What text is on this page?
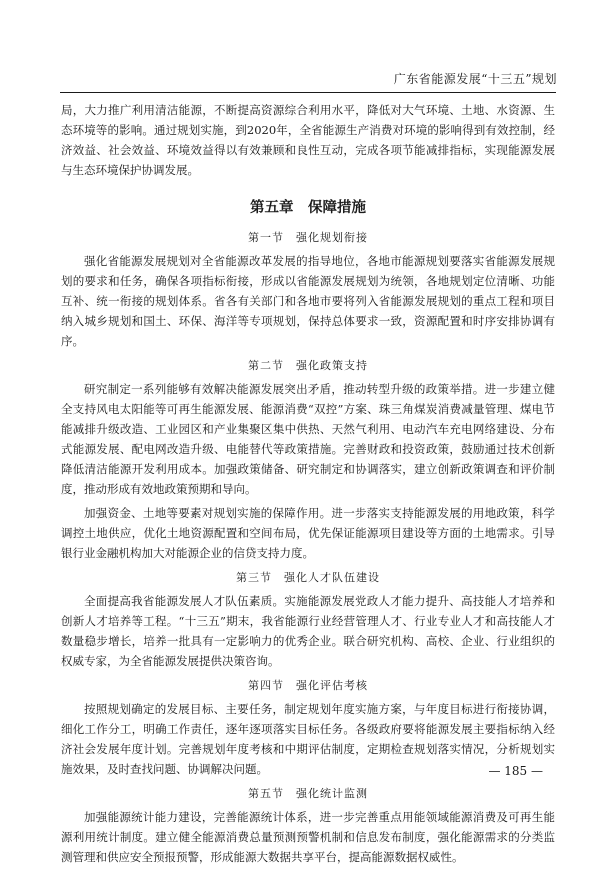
广东省能源发展“十三五”规划

局，大力推广利用清洁能源，不断提高资源综合利用水平，降低对大气环境、土地、水资源、生态环境等的影响。通过规划实施，到2020年，全省能源生产消费对环境的影响得到有效控制，经济效益、社会效益、环境效益得以有效兼顾和良性互动，完成各项节能减排指标，实现能源发展与生态环境保护协调发展。

第五章　保障措施
第一节　强化规划衔接

强化省能源发展规划对全省能源改革发展的指导地位，各地市能源规划要落实省能源发展规划的要求和任务，确保各项指标衔接，形成以省能源发展规划为统领，各地规划定位清晰、功能互补、统一衔接的规划体系。省各有关部门和各地市要将列入省能源发展规划的重点工程和项目纳入城乡规划和国土、环保、海洋等专项规划，保持总体要求一致，资源配置和时序安排协调有序。

第二节　强化政策支持

研究制定一系列能够有效解决能源发展突出矛盾，推动转型升级的政策举措。进一步建立健全支持风电太阳能等可再生能源发展、能源消费“双控”方案、珠三角煤炭消费减量管理、煤电节能减排升级改造、工业园区和产业集聚区集中供热、天然气利用、电动汽车充电网络建设、分布式能源发展、配电网改造升级、电能替代等政策措施。完善财政和投资政策，鼓励通过技术创新降低清洁能源开发利用成本。加强政策储备、研究制定和协调落实，建立创新政策调查和评价制度，推动形成有效地政策预期和导向。

加强资金、土地等要素对规划实施的保障作用。进一步落实支持能源发展的用地政策，科学调控土地供应，优化土地资源配置和空间布局，优先保证能源项目建设等方面的土地需求。引导银行业金融机构加大对能源企业的信贷支持力度。

第三节　强化人才队伍建设

全面提高我省能源发展人才队伍素质。实施能源发展党政人才能力提升、高技能人才培养和创新人才培养等工程。“十三五”期末，我省能源行业经营管理人才、行业专业人才和高技能人才数量稳步增长，培养一批具有一定影响力的优秀企业。联合研究机构、高校、企业、行业组织的权威专家，为全省能源发展提供决策咨询。

第四节　强化评估考核

按照规划确定的发展目标、主要任务，制定规划年度实施方案，与年度目标进行衔接协调，细化工作分工，明确工作责任，逐年逐项落实目标任务。各级政府要将能源发展主要指标纳入经济社会发展年度计划。完善规划年度考核和中期评估制度，定期检查规划落实情况，分析规划实施效果，及时查找问题、协调解决问题。

第五节　强化统计监测

加强能源统计能力建设，完善能源统计体系，进一步完善重点用能领域能源消费及可再生能源利用统计制度。建立健全能源消费总量预测预警机制和信息发布制度，强化能源需求的分类监测管理和供应安全预报预警，形成能源大数据共享平台，提高能源数据权威性。

— 185 —
